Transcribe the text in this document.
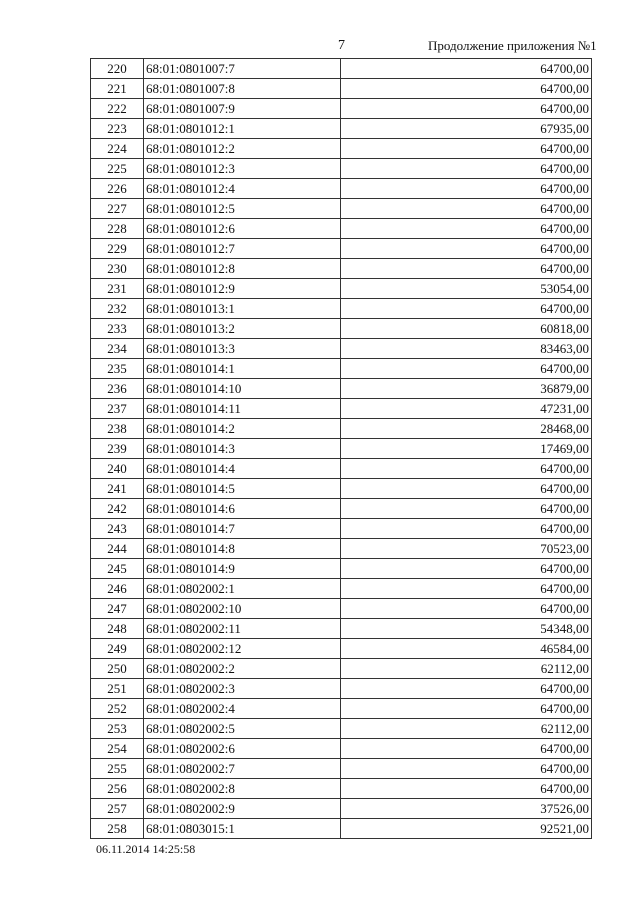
7	Продолжение приложения №1
220	68:01:0801007:7	64700,00
221	68:01:0801007:8	64700,00
222	68:01:0801007:9	64700,00
223	68:01:0801012:1	67935,00
224	68:01:0801012:2	64700,00
225	68:01:0801012:3	64700,00
226	68:01:0801012:4	64700,00
227	68:01:0801012:5	64700,00
228	68:01:0801012:6	64700,00
229	68:01:0801012:7	64700,00
230	68:01:0801012:8	64700,00
231	68:01:0801012:9	53054,00
232	68:01:0801013:1	64700,00
233	68:01:0801013:2	60818,00
234	68:01:0801013:3	83463,00
235	68:01:0801014:1	64700,00
236	68:01:0801014:10	36879,00
237	68:01:0801014:11	47231,00
238	68:01:0801014:2	28468,00
239	68:01:0801014:3	17469,00
240	68:01:0801014:4	64700,00
241	68:01:0801014:5	64700,00
242	68:01:0801014:6	64700,00
243	68:01:0801014:7	64700,00
244	68:01:0801014:8	70523,00
245	68:01:0801014:9	64700,00
246	68:01:0802002:1	64700,00
247	68:01:0802002:10	64700,00
248	68:01:0802002:11	54348,00
249	68:01:0802002:12	46584,00
250	68:01:0802002:2	62112,00
251	68:01:0802002:3	64700,00
252	68:01:0802002:4	64700,00
253	68:01:0802002:5	62112,00
254	68:01:0802002:6	64700,00
255	68:01:0802002:7	64700,00
256	68:01:0802002:8	64700,00
257	68:01:0802002:9	37526,00
258	68:01:0803015:1	92521,00
06.11.2014 14:25:58
